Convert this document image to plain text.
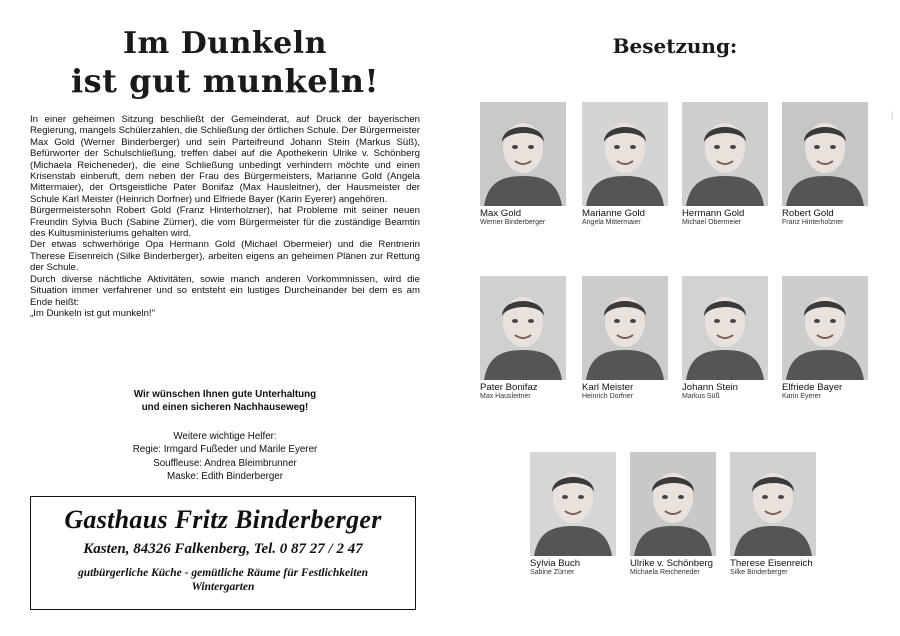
Im Dunkeln
ist gut munkeln!

In einer geheimen Sitzung beschließt der Gemeinderat, auf Druck der bayerischen Regierung, mangels Schülerzahlen, die Schließung der örtlichen Schule. Der Bürgermeister Max Gold (Werner Binderberger) und sein Parteifreund Johann Stein (Markus Süß), Befürworter der Schulschließung, treffen dabei auf die Apothekerin Ulrike v. Schönberg (Michaela Reicheneder), die eine Schließung unbedingt verhindern möchte und einen Krisenstab einberuft, dem neben der Frau des Bürgermeisters, Marianne Gold (Angela Mittermaier), der Ortsgeistliche Pater Bonifaz (Max Hausleitner), der Hausmeister der Schule Karl Meister (Heinrich Dorfner) und Elfriede Bayer (Karin Eyerer) angehören.

Bürgermeistersohn Robert Gold (Franz Hinterholzner), hat Probleme mit seiner neuen Freundin Sylvia Buch (Sabine Zürner), die vom Bürgermeister für die zuständige Beamtin des Kultusministeriums gehalten wird.

Der etwas schwerhörige Opa Hermann Gold (Michael Obermeier) und die Rentnerin Therese Eisenreich (Silke Binderberger), arbeiten eigens an geheimen Plänen zur Rettung der Schule.

Durch diverse nächtliche Aktivitäten, sowie manch anderen Vorkommnissen, wird die Situation immer verfahrener und so entsteht ein lustiges Durcheinander bei dem es am Ende heißt:

„Im Dunkeln ist gut munkeln!"

Wir wünschen Ihnen gute Unterhaltung
und einen sicheren Nachhauseweg!
Weitere wichtige Helfer:
Regie: Irmgard Fußeder und Marile Eyerer
Souffleuse: Andrea Bleimbrunner
Maske: Edith Binderberger
Gasthaus Fritz Binderberger
Kasten, 84326 Falkenberg, Tel. 0 87 27 / 2 47
gutbürgerliche Küche - gemütliche Räume für Festlichkeiten
Wintergarten
Besetzung:
Max Gold
Werner Binderberger
Marianne Gold
Angela Mittermaier
Hermann Gold
Michael Obermeier
Robert Gold
Franz Hinterholzner
Pater Bonifaz
Max Hausleitner
Karl Meister
Heinrich Dorfner
Johann Stein
Markus Süß
Elfriede Bayer
Karin Eyerer
Sylvia Buch
Sabine Zürner
Ulrike v. Schönberg
Michaela Reicheneder
Therese Eisenreich
Silke Binderberger
|
